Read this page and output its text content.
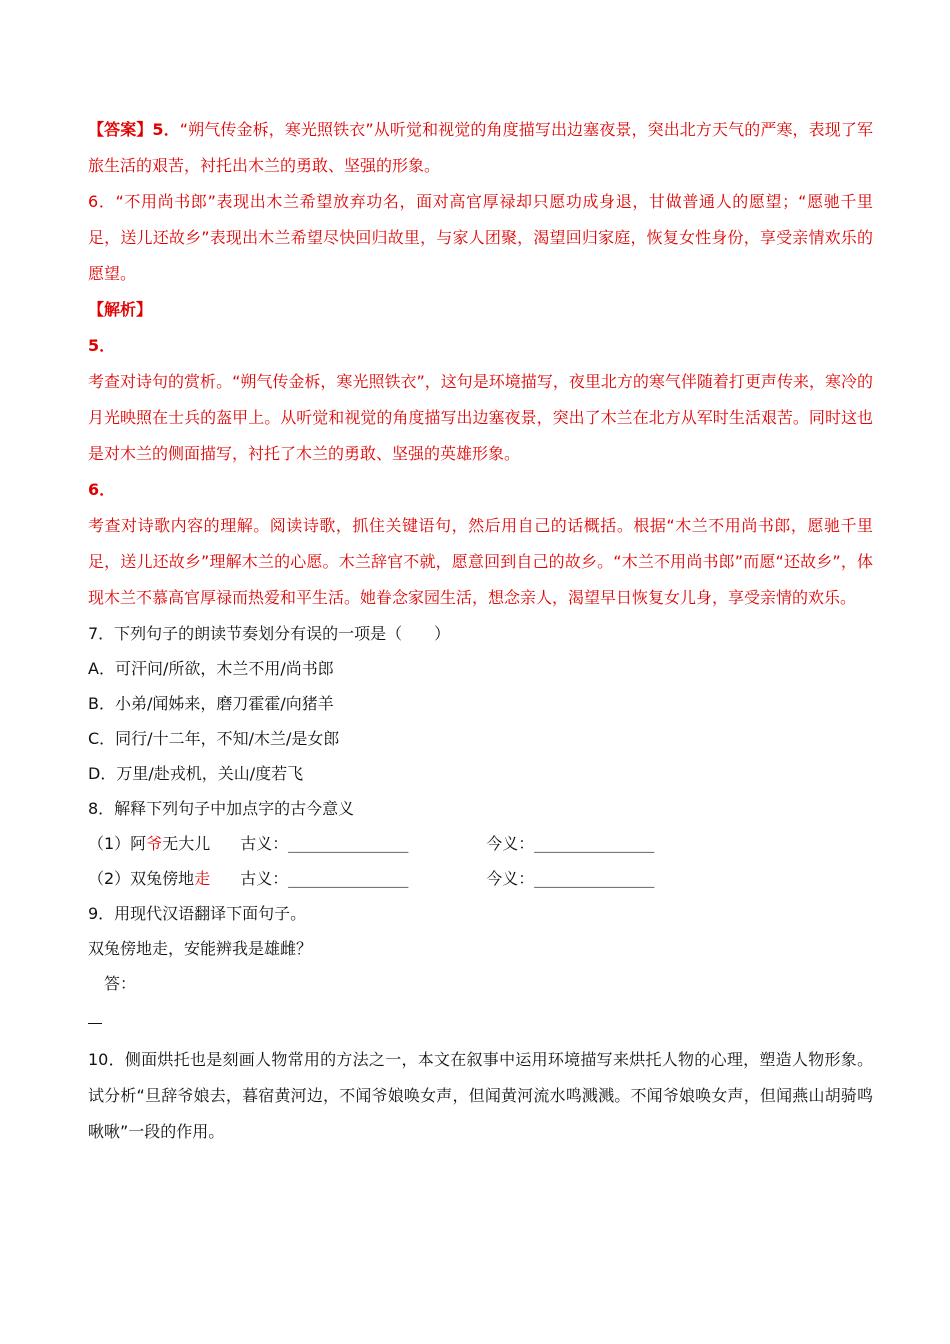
【答案】5．“朔气传金柝，寒光照铁衣”从听觉和视觉的角度描写出边塞夜景，突出北方天气的严寒，表现了军旅生活的艰苦，衬托出木兰的勇敢、坚强的形象。

6．“不用尚书郎”表现出木兰希望放弃功名，面对高官厚禄却只愿功成身退，甘做普通人的愿望；“愿驰千里足，送儿还故乡”表现出木兰希望尽快回归故里，与家人团聚，渴望回归家庭，恢复女性身份，享受亲情欢乐的愿望。

【解析】

5．

考查对诗句的赏析。“朔气传金柝，寒光照铁衣”，这句是环境描写，夜里北方的寒气伴随着打更声传来，寒冷的月光映照在士兵的盔甲上。从听觉和视觉的角度描写出边塞夜景，突出了木兰在北方从军时生活艰苦。同时这也是对木兰的侧面描写，衬托了木兰的勇敢、坚强的英雄形象。

6．

考查对诗歌内容的理解。阅读诗歌，抓住关键语句，然后用自己的话概括。根据“木兰不用尚书郎，愿驰千里足，送儿还故乡”理解木兰的心愿。木兰辞官不就，愿意回到自己的故乡。“木兰不用尚书郎”而愿“还故乡”，体现木兰不慕高官厚禄而热爱和平生活。她眷念家园生活，想念亲人，渴望早日恢复女儿身，享受亲情的欢乐。

7．下列句子的朗读节奏划分有误的一项是（　　）

A．可汗问/所欲，木兰不用/尚书郎

B．小弟/闻姊来，磨刀霍霍/向猪羊

C．同行/十二年，不知/木兰/是女郎

D．万里/赴戎机，关山/度若飞

8．解释下列句子中加点字的古今意义

（1）阿爷无大儿 古义：_______________	今义：_______________

（2）双兔傍地走 古义：_______________	今义：_______________

9．用现代汉语翻译下面句子。

双兔傍地走，安能辨我是雄雌？

答：

10．侧面烘托也是刻画人物常用的方法之一，本文在叙事中运用环境描写来烘托人物的心理，塑造人物形象。试分析“旦辞爷娘去，暮宿黄河边，不闻爷娘唤女声，但闻黄河流水鸣溅溅。不闻爷娘唤女声，但闻燕山胡骑鸣啾啾”一段的作用。
